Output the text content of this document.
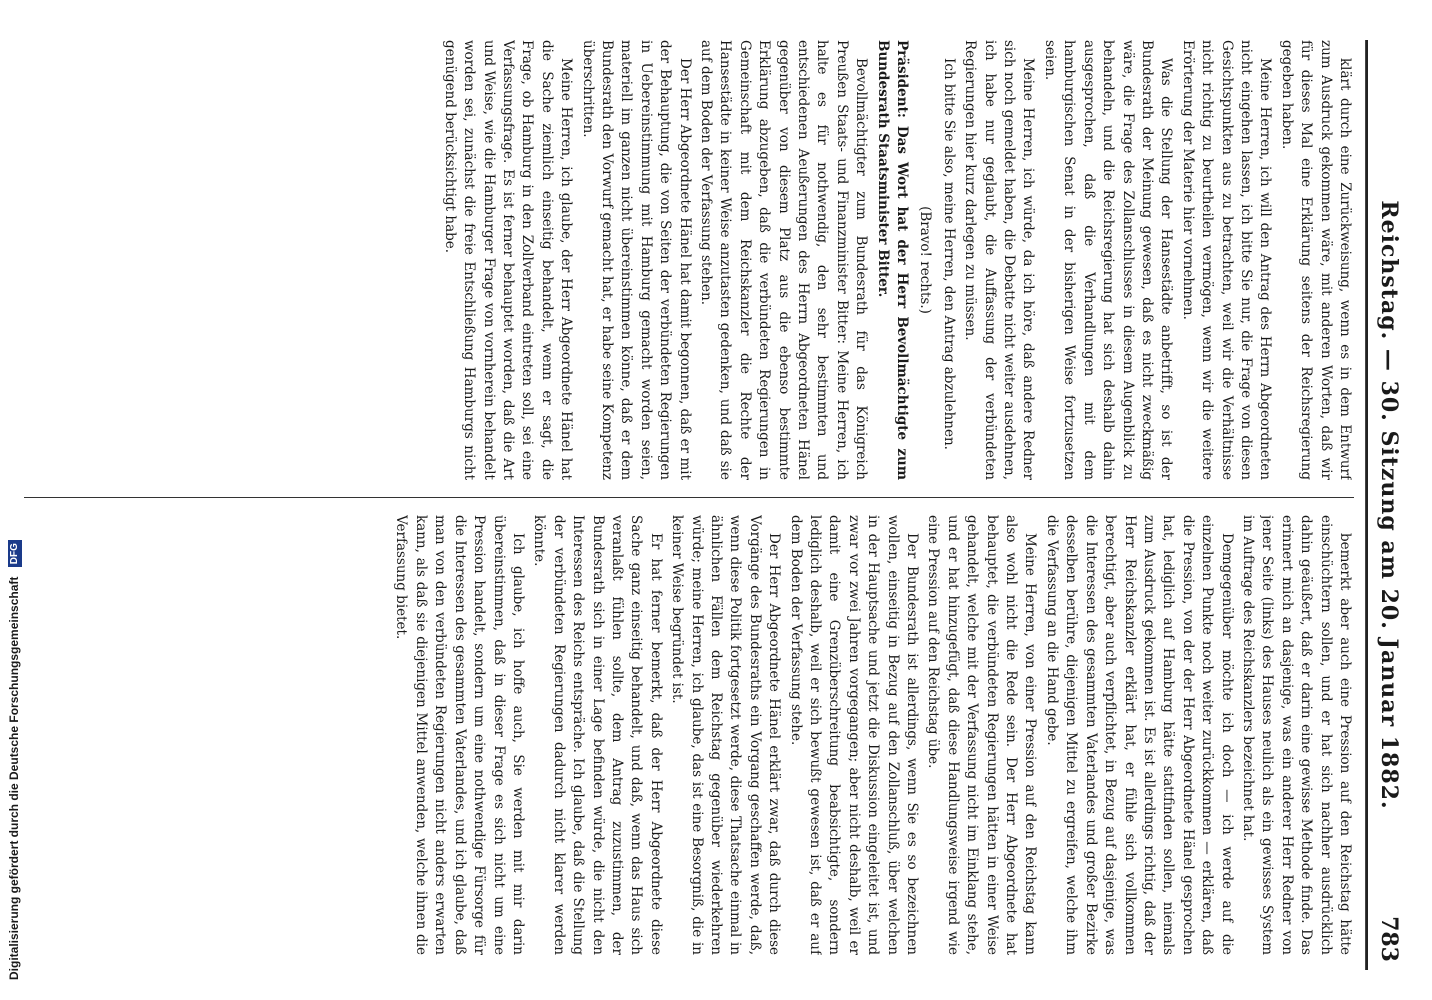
Digitalisierung gefördert durch die Deutsche Forschungsgemeinschaft DFG	Reichstag. — 30. Sitzung am 20. Januar 1882.
783

klärt durch eine Zurückweisung, wenn es in dem Entwurf zum Ausdruck gekommen wäre, mit anderen Worten, daß wir für dieses Mal eine Erklärung seitens der Reichsregierung gegeben haben.

Meine Herren, ich will den Antrag des Herrn Abgeordneten nicht eingehen lassen, ich bitte Sie nur, die Frage von diesen Gesichtspunkten aus zu betrachten, weil wir die Verhältnisse nicht richtig zu beurtheilen vermögen, wenn wir die weitere Erörterung der Materie hier vornehmen.

Was die Stellung der Hansestädte anbetrifft, so ist der Bundesrath der Meinung gewesen, daß es nicht zweckmäßig wäre, die Frage des Zollanschlusses in diesem Augenblick zu behandeln, und die Reichsregierung hat sich deshalb dahin ausgesprochen, daß die Verhandlungen mit dem hamburgischen Senat in der bisherigen Weise fortzusetzen seien.

Meine Herren, ich würde, da ich höre, daß andere Redner sich noch gemeldet haben, die Debatte nicht weiter ausdehnen, ich habe nur geglaubt, die Auffassung der verbündeten Regierungen hier kurz darlegen zu müssen.

Ich bitte Sie also, meine Herren, den Antrag abzulehnen.

(Bravo! rechts.)

Präsident: Das Wort hat der Herr Bevollmächtigte zum Bundesrath Staatsminister Bitter.

Bevollmächtigter zum Bundesrath für das Königreich Preußen Staats- und Finanzminister Bitter: Meine Herren, ich halte es für nothwendig, den sehr bestimmten und entschiedenen Aeußerungen des Herrn Abgeordneten Hänel gegenüber von diesem Platz aus die ebenso bestimmte Erklärung abzugeben, daß die verbündeten Regierungen in Gemeinschaft mit dem Reichskanzler die Rechte der Hansestädte in keiner Weise anzutasten gedenken, und daß sie auf dem Boden der Verfassung stehen.

Der Herr Abgeordnete Hänel hat damit begonnen, daß er mit der Behauptung, die von Seiten der verbündeten Regierungen in Uebereinstimmung mit Hamburg gemacht worden seien, materiell im ganzen nicht übereinstimmen könne, daß er dem Bundesrath den Vorwurf gemacht hat, er habe seine Kompetenz überschritten.

Meine Herren, ich glaube, der Herr Abgeordnete Hänel hat die Sache ziemlich einseitig behandelt, wenn er sagt, die Frage, ob Hamburg in den Zollverband eintreten soll, sei eine Verfassungsfrage. Es ist ferner behauptet worden, daß die Art und Weise, wie die Hamburger Frage von vornherein behandelt worden sei, zunächst die freie Entschließung Hamburgs nicht genügend berücksichtigt habe.

bemerkt aber auch eine Pression auf den Reichstag hätte einschüchtern sollen, und er hat sich nachher ausdrücklich dahin geäußert, daß er darin eine gewisse Methode finde. Das erinnert mich an dasjenige, was ein anderer Herr Redner von jener Seite (links) des Hauses neulich als ein gewisses System im Auftrage des Reichskanzlers bezeichnet hat.

Demgegenüber möchte ich doch — ich werde auf die einzelnen Punkte noch weiter zurückkommen — erklären, daß die Pression, von der der Herr Abgeordnete Hänel gesprochen hat, lediglich auf Hamburg hätte stattfinden sollen, niemals zum Ausdruck gekommen ist. Es ist allerdings richtig, daß der Herr Reichskanzler erklärt hat, er fühle sich vollkommen berechtigt, aber auch verpflichtet, in Bezug auf dasjenige, was die Interessen des gesammten Vaterlandes und großer Bezirke desselben berühre, diejenigen Mittel zu ergreifen, welche ihm die Verfassung an die Hand gebe.

Meine Herren, von einer Pression auf den Reichstag kann also wohl nicht die Rede sein. Der Herr Abgeordnete hat behauptet, die verbündeten Regierungen hätten in einer Weise gehandelt, welche mit der Verfassung nicht im Einklang stehe, und er hat hinzugefügt, daß diese Handlungsweise irgend wie eine Pression auf den Reichstag übe.

Der Bundesrath ist allerdings, wenn Sie es so bezeichnen wollen, einseitig in Bezug auf den Zollanschluß, über welchen in der Hauptsache und jetzt die Diskussion eingeleitet ist, und zwar vor zwei Jahren vorgegangen; aber nicht deshalb, weil er damit eine Grenzüberschreitung beabsichtigte, sondern lediglich deshalb, weil er sich bewußt gewesen ist, daß er auf dem Boden der Verfassung stehe.

Der Herr Abgeordnete Hänel erklärt zwar, daß durch diese Vorgänge des Bundesraths ein Vorgang geschaffen werde, daß, wenn diese Politik fortgesetzt werde, diese Thatsache einmal in ähnlichen Fällen dem Reichstag gegenüber wiederkehren würde; meine Herren, ich glaube, das ist eine Besorgniß, die in keiner Weise begründet ist.

Er hat ferner bemerkt, daß der Herr Abgeordnete diese Sache ganz einseitig behandelt, und daß, wenn das Haus sich veranlaßt fühlen sollte, dem Antrag zuzustimmen, der Bundesrath sich in einer Lage befinden würde, die nicht den Interessen des Reichs entspräche. Ich glaube, daß die Stellung der verbündeten Regierungen dadurch nicht klarer werden könnte.

Ich glaube, ich hoffe auch, Sie werden mit mir darin übereinstimmen, daß in dieser Frage es sich nicht um eine Pression handelt, sondern um eine nothwendige Fürsorge für die Interessen des gesammten Vaterlandes, und ich glaube, daß man von den verbündeten Regierungen nicht anders erwarten kann, als daß sie diejenigen Mittel anwenden, welche ihnen die Verfassung bietet.
